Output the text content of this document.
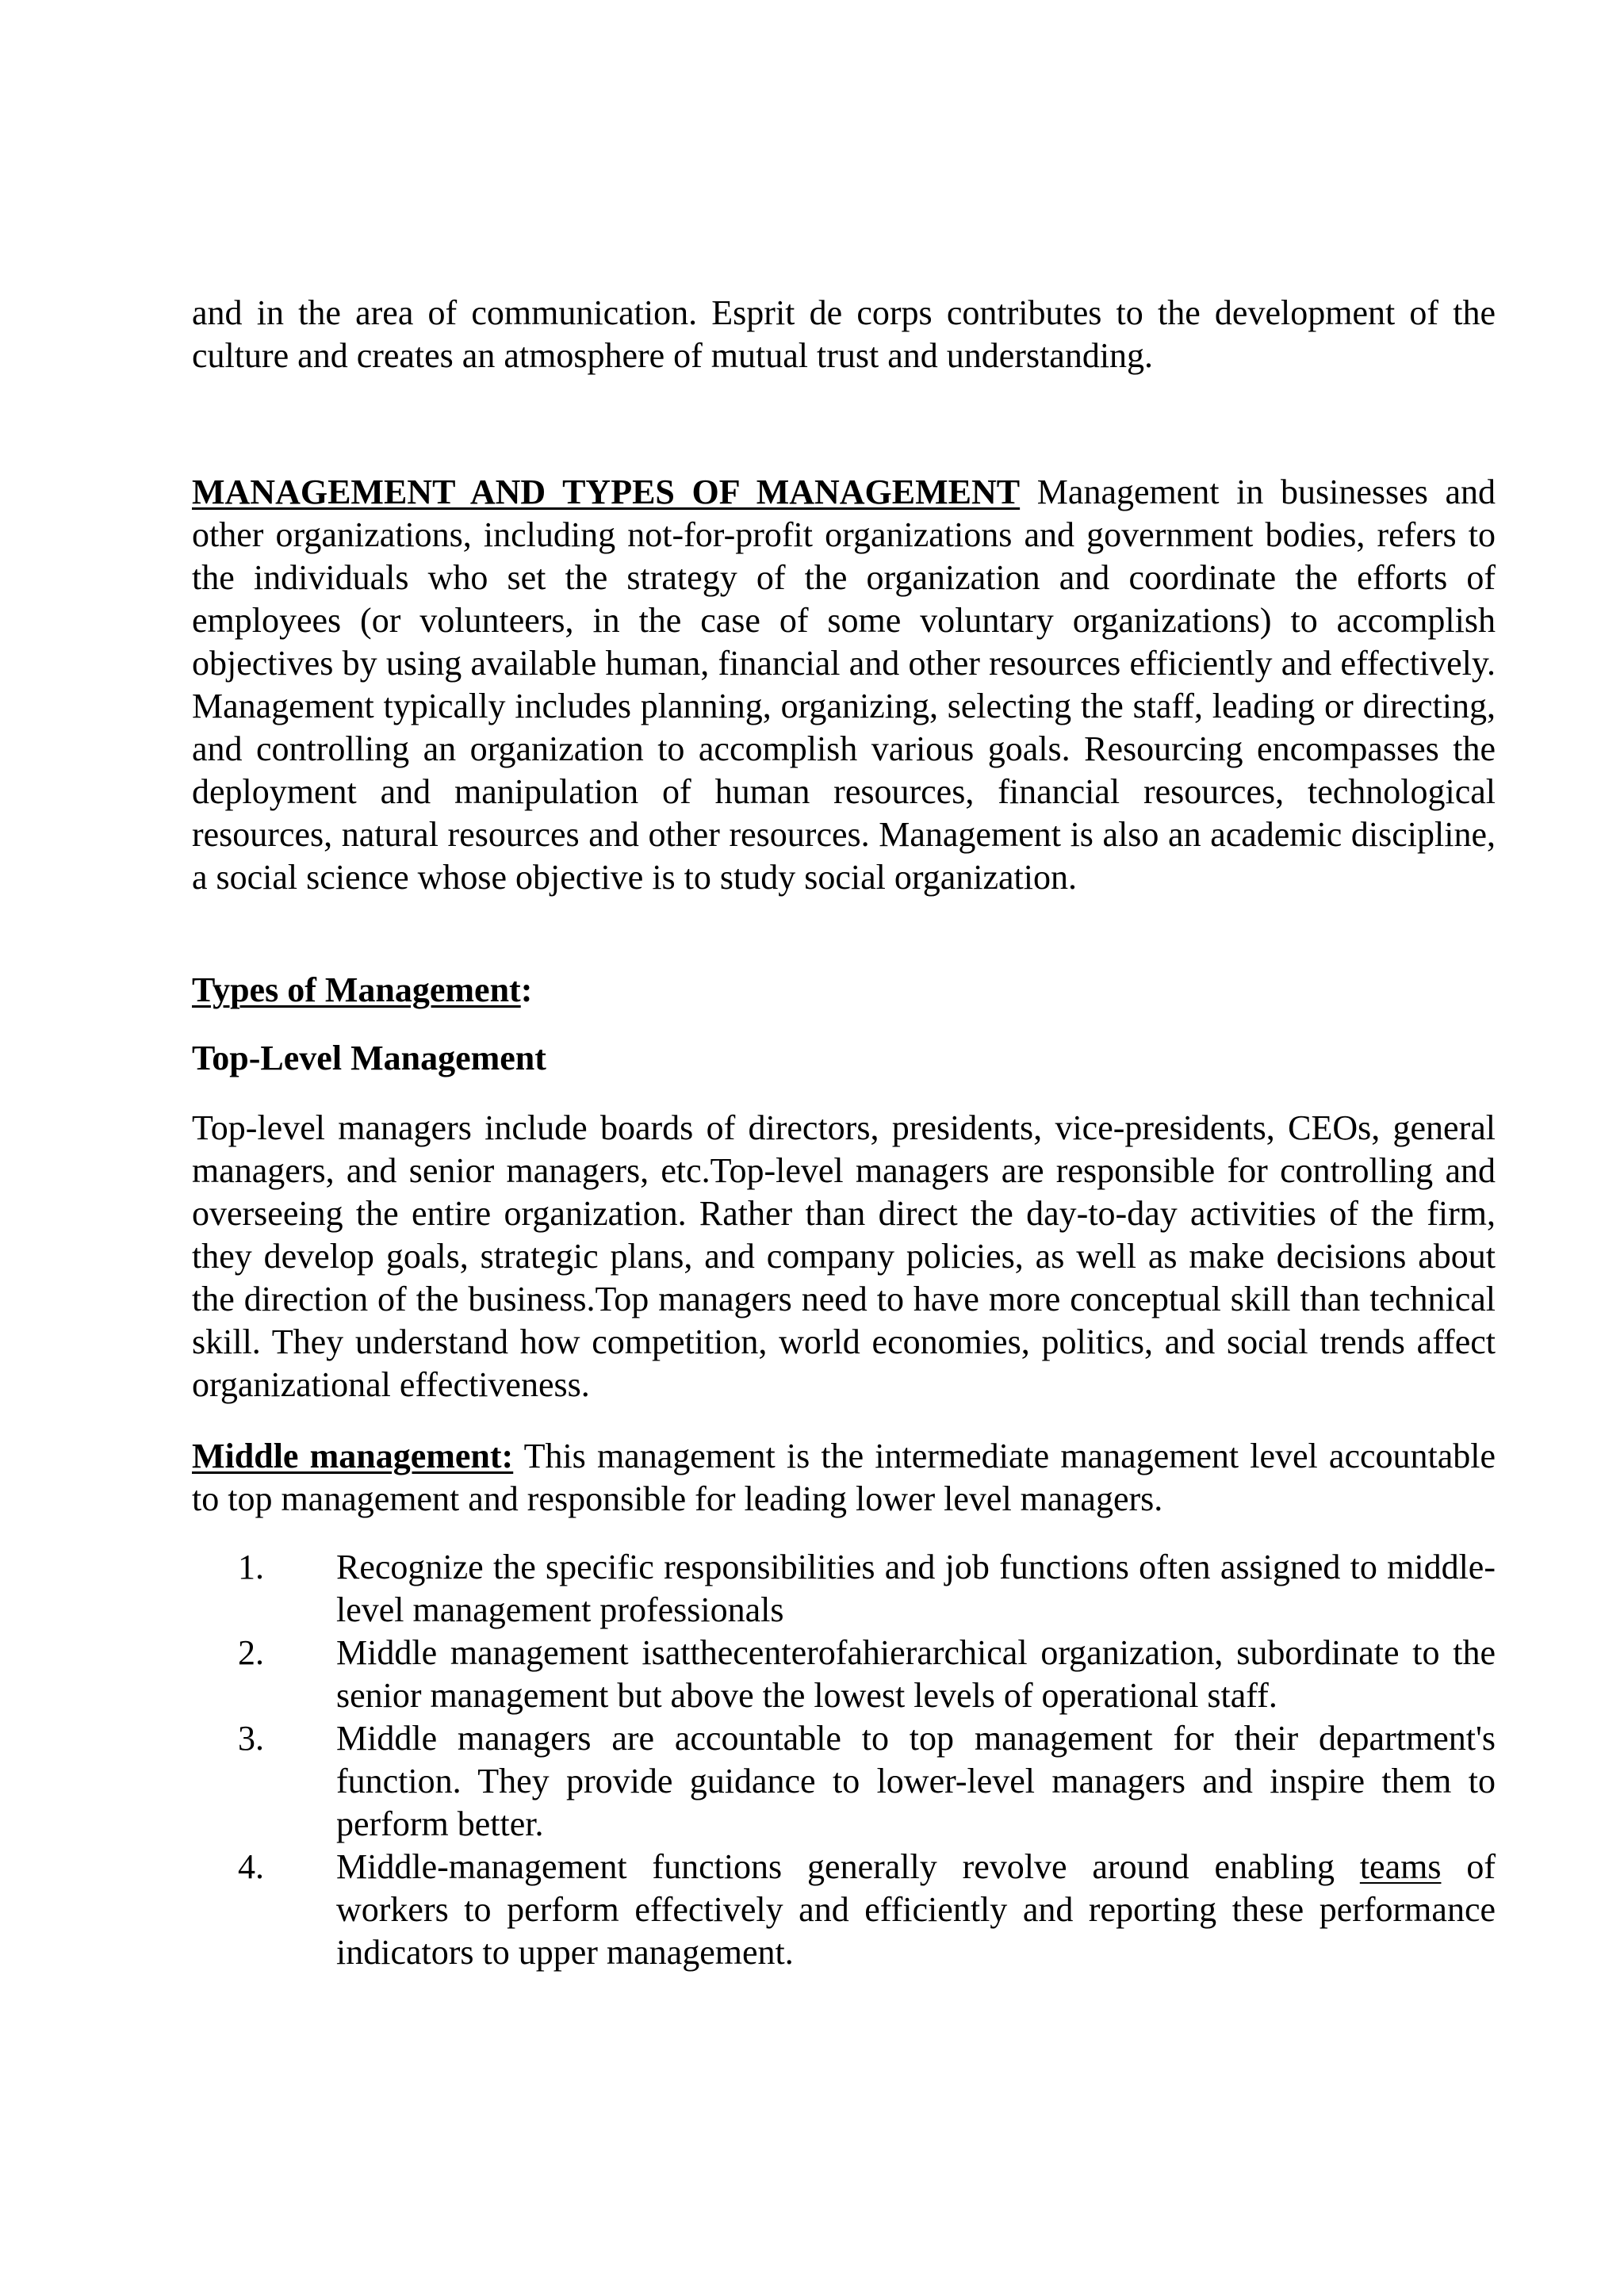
and in the area of communication. Esprit de corps contributes to the development of the culture and creates an atmosphere of mutual trust and understanding.

MANAGEMENT AND TYPES OF MANAGEMENT Management in businesses and other organizations, including not-for-profit organizations and government bodies, refers to the individuals who set the strategy of the organization and coordinate the efforts of employees (or volunteers, in the case of some voluntary organizations) to accomplish objectives by using available human, financial and other resources efficiently and effectively. Management typically includes planning, organizing, selecting the staff, leading or directing, and controlling an organization to accomplish various goals. Resourcing encompasses the deployment and manipulation of human resources, financial resources, technological resources, natural resources and other resources. Management is also an academic discipline, a social science whose objective is to study social organization.

Types of Management:

Top-Level Management

Top-level managers include boards of directors, presidents, vice-presidents, CEOs, general managers, and senior managers, etc.Top-level managers are responsible for controlling and overseeing the entire organization. Rather than direct the day-to-day activities of the firm, they develop goals, strategic plans, and company policies, as well as make decisions about the direction of the business.Top managers need to have more conceptual skill than technical skill. They understand how competition, world economies, politics, and social trends affect organizational effectiveness.

Middle management: This management is the intermediate management level accountable to top management and responsible for leading lower level managers.

1. Recognize the specific responsibilities and job functions often assigned to middle-level management professionals
2. Middle management isatthecenterofahierarchical organization, subordinate to the senior management but above the lowest levels of operational staff.
3. Middle managers are accountable to top management for their department's function. They provide guidance to lower-level managers and inspire them to perform better.
4. Middle-management functions generally revolve around enabling teams of workers to perform effectively and efficiently and reporting these performance indicators to upper management.
